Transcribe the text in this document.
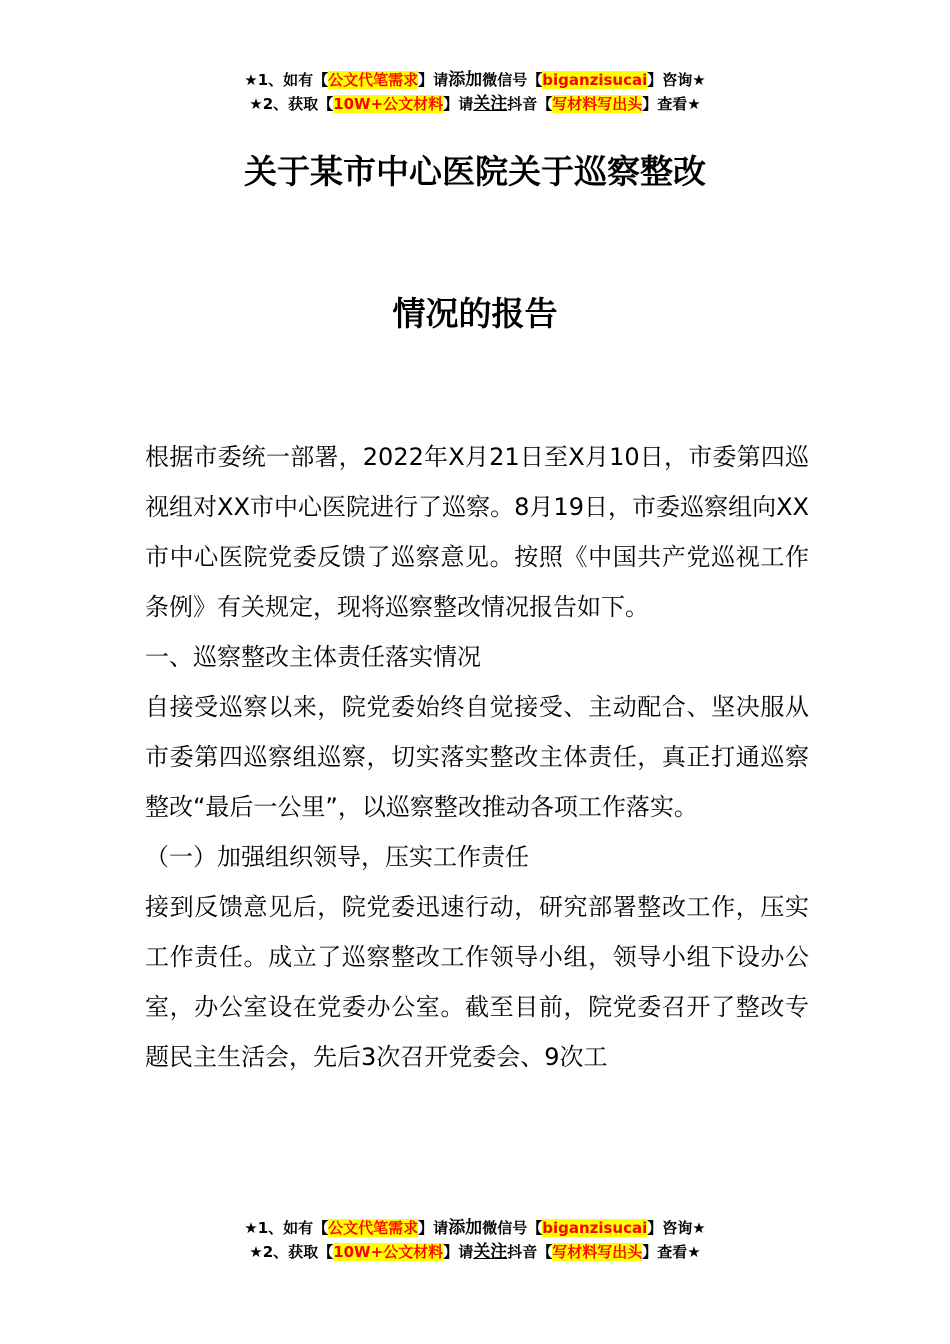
★1、如有【公文代笔需求】请添加微信号【biganzisucai】咨询★
★2、获取【10W+公文材料】请关注抖音【写材料写出头】查看★
关于某市中心医院关于巡察整改
情况的报告

根据市委统一部署，2022年X月21日至X月10日，市委第四巡视组对XX市中心医院进行了巡察。8月19日，市委巡察组向XX市中心医院党委反馈了巡察意见。按照《中国共产党巡视工作条例》有关规定，现将巡察整改情况报告如下。

一、巡察整改主体责任落实情况

自接受巡察以来，院党委始终自觉接受、主动配合、坚决服从市委第四巡察组巡察，切实落实整改主体责任，真正打通巡察整改“最后一公里”，以巡察整改推动各项工作落实。

（一）加强组织领导，压实工作责任

接到反馈意见后，院党委迅速行动，研究部署整改工作，压实工作责任。成立了巡察整改工作领导小组，领导小组下设办公室，办公室设在党委办公室。截至目前，院党委召开了整改专题民主生活会，先后3次召开党委会、9次工

★1、如有【公文代笔需求】请添加微信号【biganzisucai】咨询★
★2、获取【10W+公文材料】请关注抖音【写材料写出头】查看★
